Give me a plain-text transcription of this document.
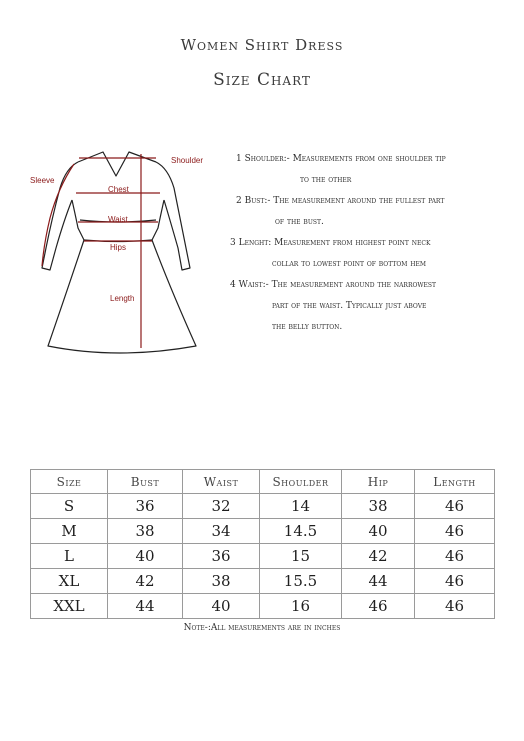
Women Shirt Dress
Size Chart
Shoulder
Sleeve
Chest
Waist
Hips
Length
1 Shoulder:- Measurements from one shoulder tip
to the other
2 Bust:- The measurement around the fullest part
of the bust.
3 Lenght: Measurement from highest point neck
collar to lowest point of bottom hem
4 Waist:- The measurement around the narrowest
part of the waist. Typically just above
the belly button.
Size	Bust	Waist	Shoulder	Hip	Length
S	36	32	14	38	46
M	38	34	14.5	40	46
L	40	36	15	42	46
XL	42	38	15.5	44	46
XXL	44	40	16	46	46
Note-:All measurements are in inches
